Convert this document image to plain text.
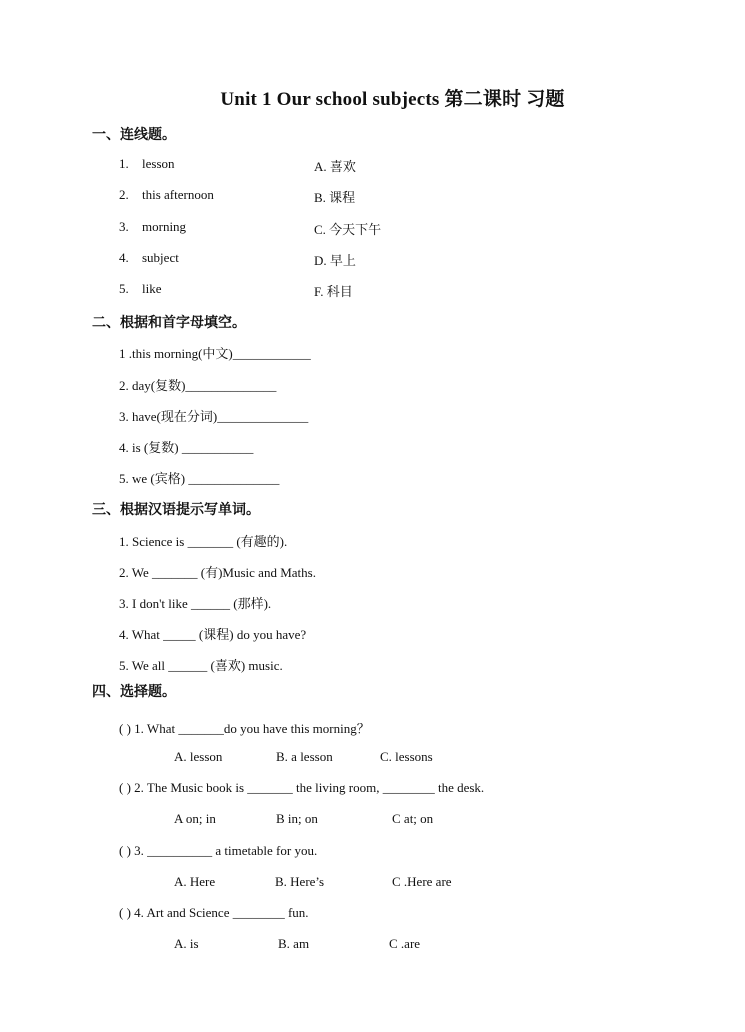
Unit 1 Our school subjects 第二课时 习题
一、连线题。
1. lesson	A. 喜欢
2. this afternoon	B. 课程
3. morning	C. 今天下午
4. subject	D. 早上
5. like	F. 科目
二、根据和首字母填空。
1 .this morning(中文)____________
2. day(复数)______________
3. have(现在分词)______________
4. is (复数) ___________
5. we (宾格) ______________
三、根据汉语提示写单词。
1. Science is _______ (有趣的).
2. We _______ (有)Music and Maths.
3. I don't like ______ (那样).
4. What _____ (课程) do you have?
5. We all ______ (喜欢) music.
四、选择题。
( ) 1. What _______do you have this morning？
A. lesson	B. a lesson	C. lessons
( ) 2. The Music book is _______ the living room, ________ the desk.
A on; in	B in; on	C at; on
( ) 3. __________ a timetable for you.
A. Here	B. Here’s	C .Here are
( ) 4. Art and Science ________ fun.
A. is	B. am	C .are
